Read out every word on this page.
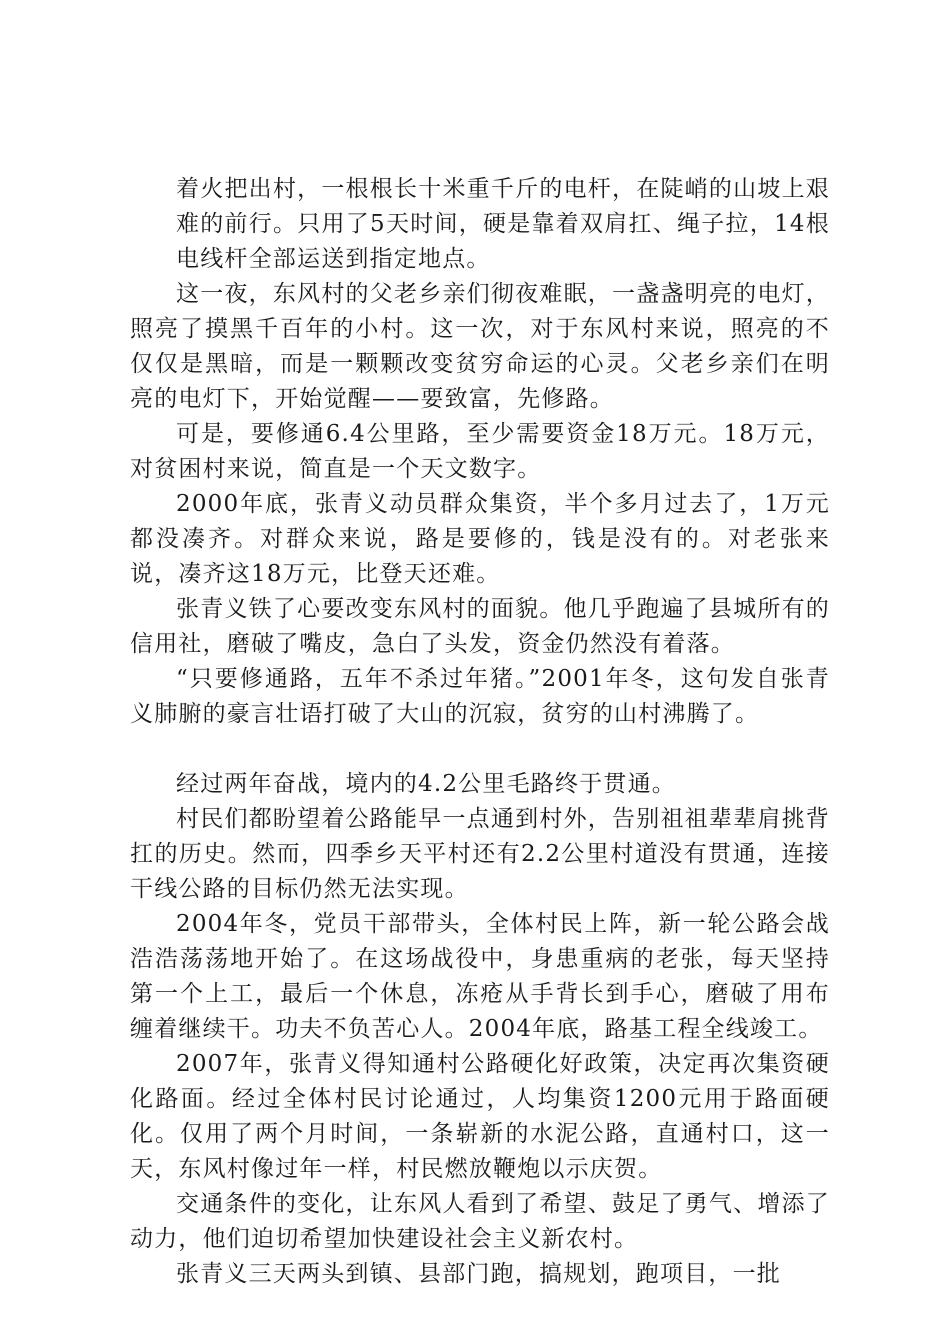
着火把出村，一根根长十米重千斤的电杆，在陡峭的山坡上艰难的前行。只用了5天时间，硬是靠着双肩扛、绳子拉，14根电线杆全部运送到指定地点。

这一夜，东风村的父老乡亲们彻夜难眠，一盏盏明亮的电灯，照亮了摸黑千百年的小村。这一次，对于东风村来说，照亮的不仅仅是黑暗，而是一颗颗改变贫穷命运的心灵。父老乡亲们在明亮的电灯下，开始觉醒——要致富，先修路。

可是，要修通6.4公里路，至少需要资金18万元。18万元，对贫困村来说，简直是一个天文数字。

2000年底，张青义动员群众集资，半个多月过去了，1万元都没凑齐。对群众来说，路是要修的，钱是没有的。对老张来说，凑齐这18万元，比登天还难。

张青义铁了心要改变东风村的面貌。他几乎跑遍了县城所有的信用社，磨破了嘴皮，急白了头发，资金仍然没有着落。

“只要修通路，五年不杀过年猪。”2001年冬，这句发自张青义肺腑的豪言壮语打破了大山的沉寂，贫穷的山村沸腾了。

经过两年奋战，境内的4.2公里毛路终于贯通。

村民们都盼望着公路能早一点通到村外，告别祖祖辈辈肩挑背扛的历史。然而，四季乡天平村还有2.2公里村道没有贯通，连接干线公路的目标仍然无法实现。

2004年冬，党员干部带头，全体村民上阵，新一轮公路会战浩浩荡荡地开始了。在这场战役中，身患重病的老张，每天坚持第一个上工，最后一个休息，冻疮从手背长到手心，磨破了用布缠着继续干。功夫不负苦心人。2004年底，路基工程全线竣工。

2007年，张青义得知通村公路硬化好政策，决定再次集资硬化路面。经过全体村民讨论通过，人均集资1200元用于路面硬化。仅用了两个月时间，一条崭新的水泥公路，直通村口，这一天，东风村像过年一样，村民燃放鞭炮以示庆贺。

交通条件的变化，让东风人看到了希望、鼓足了勇气、增添了动力，他们迫切希望加快建设社会主义新农村。

张青义三天两头到镇、县部门跑，搞规划，跑项目，一批
